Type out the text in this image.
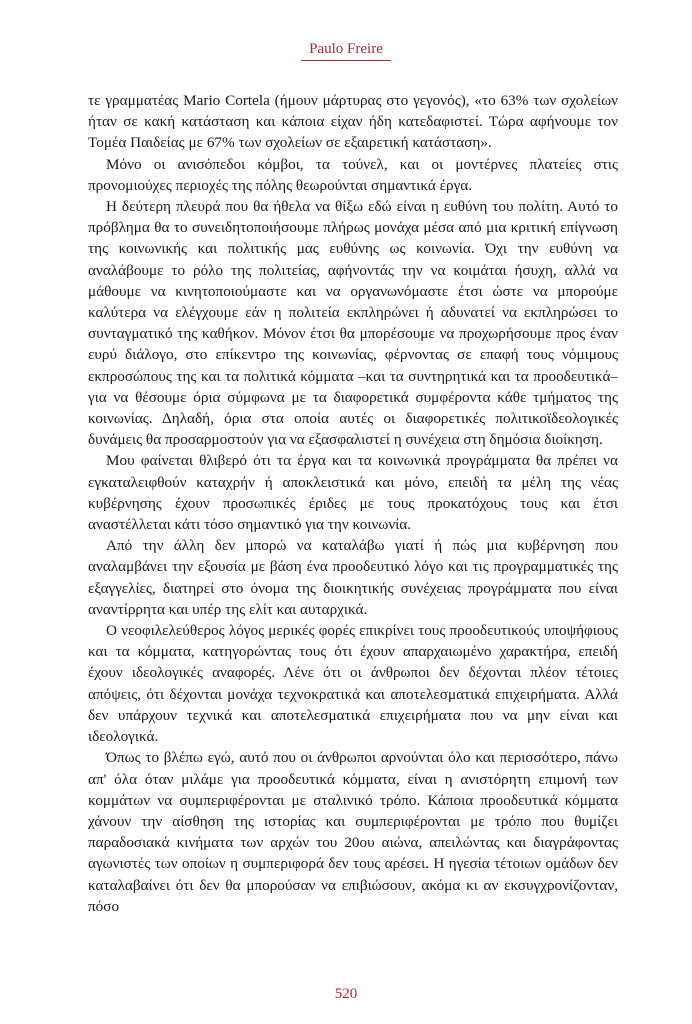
Paulo Freire

τε γραμματέας Mario Cortela (ήμουν μάρτυρας στο γεγονός), «το 63% των σχολείων ήταν σε κακή κατάσταση και κάποια είχαν ήδη κατεδαφιστεί. Τώρα αφήνουμε τον Τομέα Παιδείας με 67% των σχολείων σε εξαιρετική κατάσταση».

Μόνο οι ανισόπεδοι κόμβοι, τα τούνελ, και οι μοντέρνες πλατείες στις προνομιούχες περιοχές της πόλης θεωρούνται σημαντικά έργα.

Η δεύτερη πλευρά που θα ήθελα να θίξω εδώ είναι η ευθύνη του πολίτη. Αυτό το πρόβλημα θα το συνειδητοποιήσουμε πλήρως μονάχα μέσα από μια κριτική επίγνωση της κοινωνικής και πολιτικής μας ευθύνης ως κοινωνία. Όχι την ευθύνη να αναλάβουμε το ρόλο της πολιτείας, αφήνοντάς την να κοιμάται ήσυχη, αλλά να μάθουμε να κινητοποιούμαστε και να οργανωνόμαστε έτσι ώστε να μπορούμε καλύτερα να ελέγχουμε εάν η πολιτεία εκπληρώνει ή αδυνατεί να εκπληρώσει το συνταγματικό της καθήκον. Μόνον έτσι θα μπορέσουμε να προχωρήσουμε προς έναν ευρύ διάλογο, στο επίκεντρο της κοινωνίας, φέρνοντας σε επαφή τους νόμιμους εκπροσώπους της και τα πολιτικά κόμματα –και τα συντηρητικά και τα προοδευτικά– για να θέσουμε όρια σύμφωνα με τα διαφορετικά συμφέροντα κάθε τμήματος της κοινωνίας. Δηλαδή, όρια στα οποία αυτές οι διαφορετικές πολιτικοϊδεολογικές δυνάμεις θα προσαρμοστούν για να εξασφαλιστεί η συνέχεια στη δημόσια διοίκηση.

Μου φαίνεται θλιβερό ότι τα έργα και τα κοινωνικά προγράμματα θα πρέπει να εγκαταλειφθούν καταχρήν ή αποκλειστικά και μόνο, επειδή τα μέλη της νέας κυβέρνησης έχουν προσωπικές έριδες με τους προκατόχους τους και έτσι αναστέλλεται κάτι τόσο σημαντικό για την κοινωνία.

Από την άλλη δεν μπορώ να καταλάβω γιατί ή πώς μια κυβέρνηση που αναλαμβάνει την εξουσία με βάση ένα προοδευτικό λόγο και τις προγραμματικές της εξαγγελίες, διατηρεί στο όνομα της διοικητικής συνέχειας προγράμματα που είναι αναντίρρητα και υπέρ της ελίτ και αυταρχικά.

Ο νεοφιλελεύθερος λόγος μερικές φορές επικρίνει τους προοδευτικούς υποψήφιους και τα κόμματα, κατηγορώντας τους ότι έχουν απαρχαιωμένο χαρακτήρα, επειδή έχουν ιδεολογικές αναφορές. Λένε ότι οι άνθρωποι δεν δέχονται πλέον τέτοιες απόψεις, ότι δέχονται μονάχα τεχνοκρατικά και αποτελεσματικά επιχειρήματα. Αλλά δεν υπάρχουν τεχνικά και αποτελεσματικά επιχειρήματα που να μην είναι και ιδεολογικά.

Όπως το βλέπω εγώ, αυτό που οι άνθρωποι αρνούνται όλο και περισσότερο, πάνω απ' όλα όταν μιλάμε για προοδευτικά κόμματα, είναι η ανιστόρητη επιμονή των κομμάτων να συμπεριφέρονται με σταλινικό τρόπο. Κάποια προοδευτικά κόμματα χάνουν την αίσθηση της ιστορίας και συμπεριφέρονται με τρόπο που θυμίζει παραδοσιακά κινήματα των αρχών του 20ου αιώνα, απειλώντας και διαγράφοντας αγωνιστές των οποίων η συμπεριφορά δεν τους αρέσει. Η ηγεσία τέτοιων ομάδων δεν καταλαβαίνει ότι δεν θα μπορούσαν να επιβιώσουν, ακόμα κι αν εκσυγχρονίζονταν, πόσο

520
